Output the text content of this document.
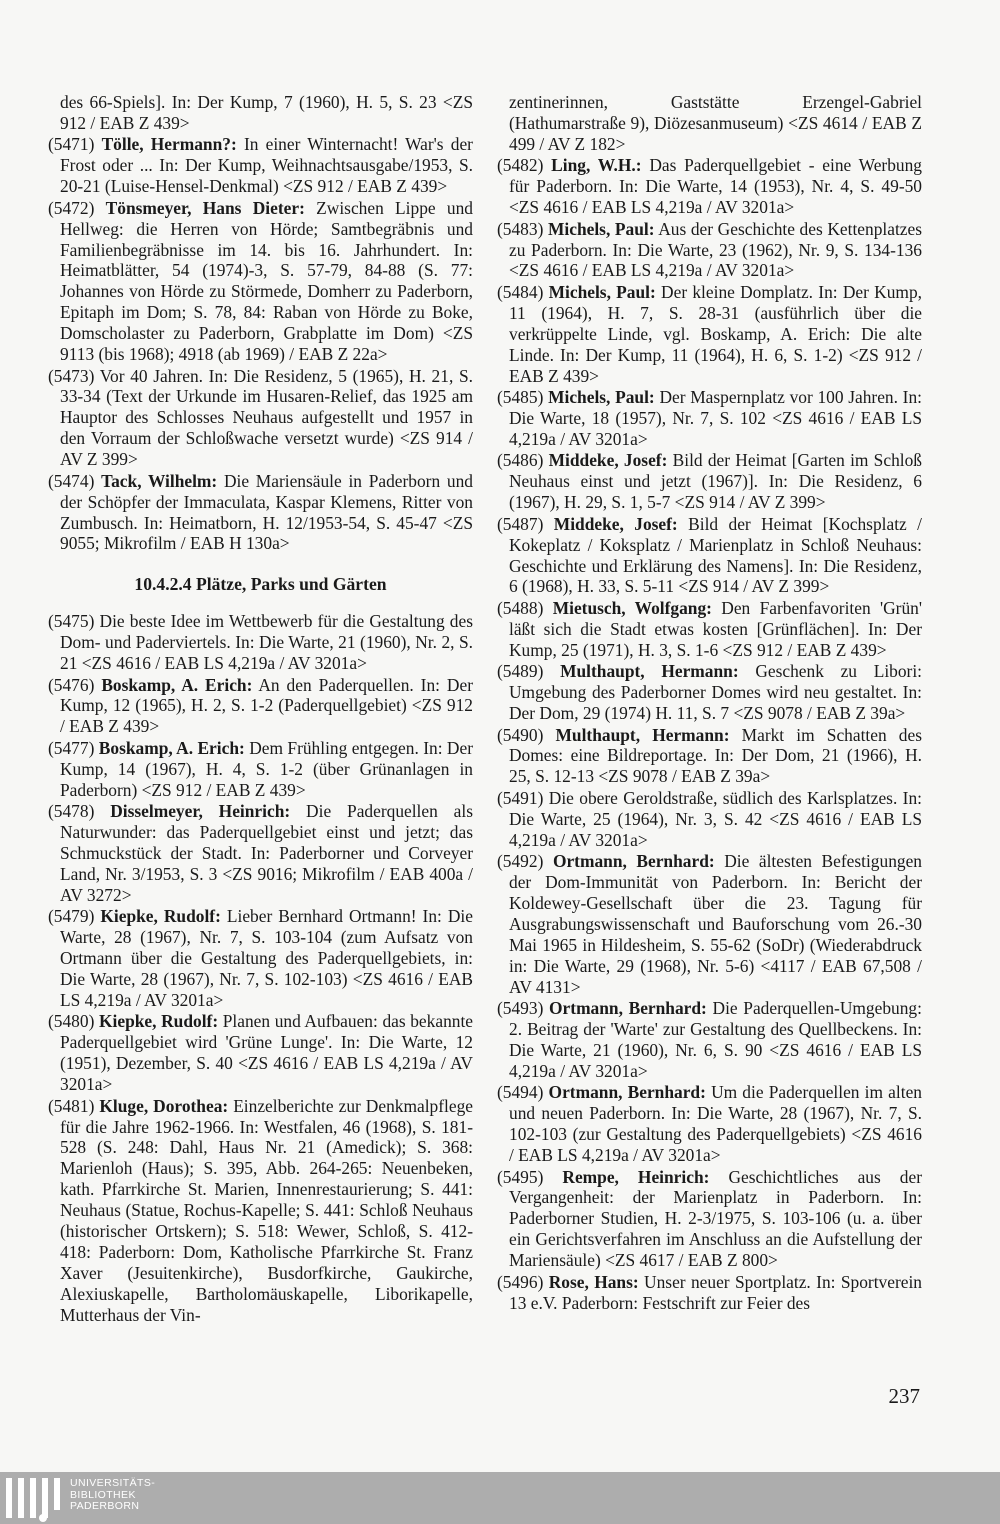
des 66-Spiels]. In: Der Kump, 7 (1960), H. 5, S. 23 <ZS 912 / EAB Z 439>
(5471) Tölle, Hermann?: In einer Winternacht! War's der Frost oder ... In: Der Kump, Weihnachtsausgabe/1953, S. 20-21 (Luise-Hensel-Denkmal) <ZS 912 / EAB Z 439>
(5472) Tönsmeyer, Hans Dieter: Zwischen Lippe und Hellweg: die Herren von Hörde; Samtbegräbnis und Familienbegräbnisse im 14. bis 16. Jahrhundert. In: Heimatblätter, 54 (1974)-3, S. 57-79, 84-88 (S. 77: Johannes von Hörde zu Störmede, Domherr zu Paderborn, Epitaph im Dom; S. 78, 84: Raban von Hörde zu Boke, Domscholaster zu Paderborn, Grabplatte im Dom) <ZS 9113 (bis 1968); 4918 (ab 1969) / EAB Z 22a>
(5473) Vor 40 Jahren. In: Die Residenz, 5 (1965), H. 21, S. 33-34 (Text der Urkunde im Husaren-Relief, das 1925 am Hauptor des Schlosses Neuhaus aufgestellt und 1957 in den Vorraum der Schloßwache versetzt wurde) <ZS 914 / AV Z 399>
(5474) Tack, Wilhelm: Die Mariensäule in Paderborn und der Schöpfer der Immaculata, Kaspar Klemens, Ritter von Zumbusch. In: Heimatborn, H. 12/1953-54, S. 45-47 <ZS 9055; Mikrofilm / EAB H 130a>
10.4.2.4 Plätze, Parks und Gärten
(5475) Die beste Idee im Wettbewerb für die Gestaltung des Dom- und Paderviertels. In: Die Warte, 21 (1960), Nr. 2, S. 21 <ZS 4616 / EAB LS 4,219a / AV 3201a>
(5476) Boskamp, A. Erich: An den Paderquellen. In: Der Kump, 12 (1965), H. 2, S. 1-2 (Paderquellgebiet) <ZS 912 / EAB Z 439>
(5477) Boskamp, A. Erich: Dem Frühling entgegen. In: Der Kump, 14 (1967), H. 4, S. 1-2 (über Grünanlagen in Paderborn) <ZS 912 / EAB Z 439>
(5478) Disselmeyer, Heinrich: Die Paderquellen als Naturwunder: das Paderquellgebiet einst und jetzt; das Schmuckstück der Stadt. In: Paderborner und Corveyer Land, Nr. 3/1953, S. 3 <ZS 9016; Mikrofilm / EAB 400a / AV 3272>
(5479) Kiepke, Rudolf: Lieber Bernhard Ortmann! In: Die Warte, 28 (1967), Nr. 7, S. 103-104 (zum Aufsatz von Ortmann über die Gestaltung des Paderquellgebiets, in: Die Warte, 28 (1967), Nr. 7, S. 102-103) <ZS 4616 / EAB LS 4,219a / AV 3201a>
(5480) Kiepke, Rudolf: Planen und Aufbauen: das bekannte Paderquellgebiet wird 'Grüne Lunge'. In: Die Warte, 12 (1951), Dezember, S. 40 <ZS 4616 / EAB LS 4,219a / AV 3201a>
(5481) Kluge, Dorothea: Einzelberichte zur Denkmalpflege für die Jahre 1962-1966. In: Westfalen, 46 (1968), S. 181-528 (S. 248: Dahl, Haus Nr. 21 (Amedick); S. 368: Marienloh (Haus); S. 395, Abb. 264-265: Neuenbeken, kath. Pfarrkirche St. Marien, Innenrestaurierung; S. 441: Neuhaus (Statue, Rochus-Kapelle; S. 441: Schloß Neuhaus (historischer Ortskern); S. 518: Wewer, Schloß, S. 412-418: Paderborn: Dom, Katholische Pfarrkirche St. Franz Xaver (Jesuitenkirche), Busdorfkirche, Gaukirche, Alexiuskapelle, Bartholomäuskapelle, Liborikapelle, Mutterhaus der Vin-
zentinerinnen, Gaststätte Erzengel-Gabriel (Hathumarstraße 9), Diözesanmuseum) <ZS 4614 / EAB Z 499 / AV Z 182>
(5482) Ling, W.H.: Das Paderquellgebiet - eine Werbung für Paderborn. In: Die Warte, 14 (1953), Nr. 4, S. 49-50 <ZS 4616 / EAB LS 4,219a / AV 3201a>
(5483) Michels, Paul: Aus der Geschichte des Kettenplatzes zu Paderborn. In: Die Warte, 23 (1962), Nr. 9, S. 134-136 <ZS 4616 / EAB LS 4,219a / AV 3201a>
(5484) Michels, Paul: Der kleine Domplatz. In: Der Kump, 11 (1964), H. 7, S. 28-31 (ausführlich über die verkrüppelte Linde, vgl. Boskamp, A. Erich: Die alte Linde. In: Der Kump, 11 (1964), H. 6, S. 1-2) <ZS 912 / EAB Z 439>
(5485) Michels, Paul: Der Maspernplatz vor 100 Jahren. In: Die Warte, 18 (1957), Nr. 7, S. 102 <ZS 4616 / EAB LS 4,219a / AV 3201a>
(5486) Middeke, Josef: Bild der Heimat [Garten im Schloß Neuhaus einst und jetzt (1967)]. In: Die Residenz, 6 (1967), H. 29, S. 1, 5-7 <ZS 914 / AV Z 399>
(5487) Middeke, Josef: Bild der Heimat [Kochsplatz / Kokeplatz / Koksplatz / Marienplatz in Schloß Neuhaus: Geschichte und Erklärung des Namens]. In: Die Residenz, 6 (1968), H. 33, S. 5-11 <ZS 914 / AV Z 399>
(5488) Mietusch, Wolfgang: Den Farbenfavoriten 'Grün' läßt sich die Stadt etwas kosten [Grünflächen]. In: Der Kump, 25 (1971), H. 3, S. 1-6 <ZS 912 / EAB Z 439>
(5489) Multhaupt, Hermann: Geschenk zu Libori: Umgebung des Paderborner Domes wird neu gestaltet. In: Der Dom, 29 (1974) H. 11, S. 7 <ZS 9078 / EAB Z 39a>
(5490) Multhaupt, Hermann: Markt im Schatten des Domes: eine Bildreportage. In: Der Dom, 21 (1966), H. 25, S. 12-13 <ZS 9078 / EAB Z 39a>
(5491) Die obere Geroldstraße, südlich des Karlsplatzes. In: Die Warte, 25 (1964), Nr. 3, S. 42 <ZS 4616 / EAB LS 4,219a / AV 3201a>
(5492) Ortmann, Bernhard: Die ältesten Befestigungen der Dom-Immunität von Paderborn. In: Bericht der Koldewey-Gesellschaft über die 23. Tagung für Ausgrabungswissenschaft und Bauforschung vom 26.-30 Mai 1965 in Hildesheim, S. 55-62 (SoDr) (Wiederabdruck in: Die Warte, 29 (1968), Nr. 5-6) <4117 / EAB 67,508 / AV 4131>
(5493) Ortmann, Bernhard: Die Paderquellen-Umgebung: 2. Beitrag der 'Warte' zur Gestaltung des Quellbeckens. In: Die Warte, 21 (1960), Nr. 6, S. 90 <ZS 4616 / EAB LS 4,219a / AV 3201a>
(5494) Ortmann, Bernhard: Um die Paderquellen im alten und neuen Paderborn. In: Die Warte, 28 (1967), Nr. 7, S. 102-103 (zur Gestaltung des Paderquellgebiets) <ZS 4616 / EAB LS 4,219a / AV 3201a>
(5495) Rempe, Heinrich: Geschichtliches aus der Vergangenheit: der Marienplatz in Paderborn. In: Paderborner Studien, H. 2-3/1975, S. 103-106 (u. a. über ein Gerichtsverfahren im Anschluss an die Aufstellung der Mariensäule) <ZS 4617 / EAB Z 800>
(5496) Rose, Hans: Unser neuer Sportplatz. In: Sportverein 13 e.V. Paderborn: Festschrift zur Feier des
237
UNIVERSITÄTS-
BIBLIOTHEK
PADERBORN
